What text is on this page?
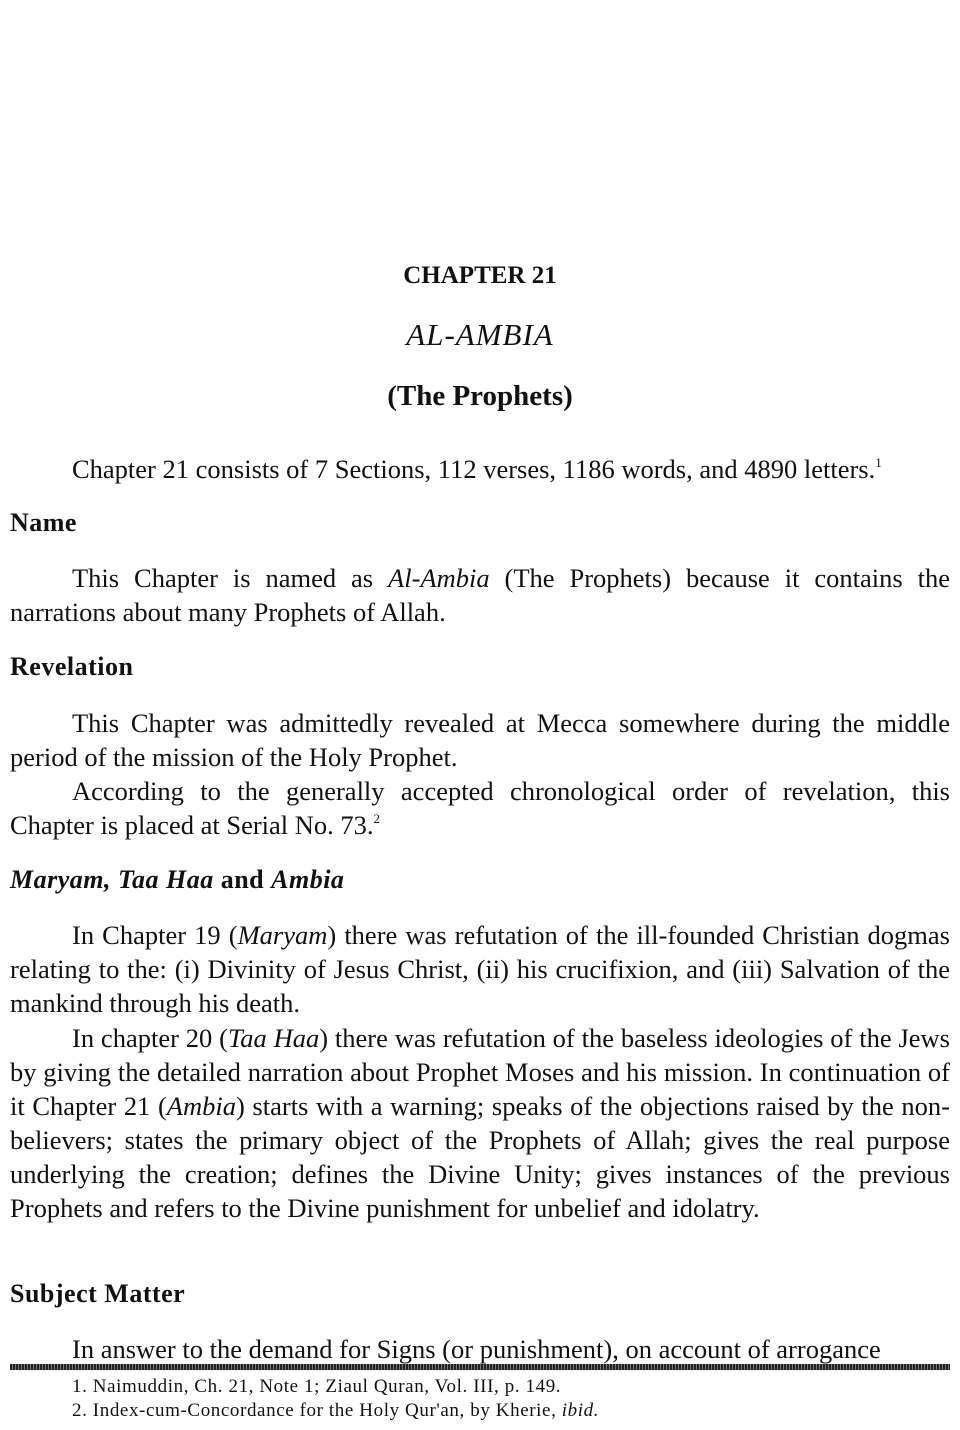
CHAPTER 21
AL-AMBIA
(The Prophets)

Chapter 21 consists of 7 Sections, 112 verses, 1186 words, and 4890 letters.$^1$

Name

This Chapter is named as Al-Ambia (The Prophets) because it contains the narrations about many Prophets of Allah.

Revelation

This Chapter was admittedly revealed at Mecca somewhere during the middle period of the mission of the Holy Prophet.

According to the generally accepted chronological order of revelation, this Chapter is placed at Serial No. 73.$^2$

Maryam, Taa Haa and Ambia

In Chapter 19 (Maryam) there was refutation of the ill-founded Christian dogmas relating to the: (i) Divinity of Jesus Christ, (ii) his crucifixion, and (iii) Salvation of the mankind through his death.

In chapter 20 (Taa Haa) there was refutation of the baseless ideologies of the Jews by giving the detailed narration about Prophet Moses and his mission. In continuation of it Chapter 21 (Ambia) starts with a warning; speaks of the objections raised by the non-believers; states the primary object of the Prophets of Allah; gives the real purpose underlying the creation; defines the Divine Unity; gives instances of the previous Prophets and refers to the Divine punishment for unbelief and idolatry.

Subject Matter

In answer to the demand for Signs (or punishment), on account of arrogance

1. Naimuddin, Ch. 21, Note 1; Ziaul Quran, Vol. III, p. 149.

2. Index-cum-Concordance for the Holy Qur'an, by Kherie, ibid.
